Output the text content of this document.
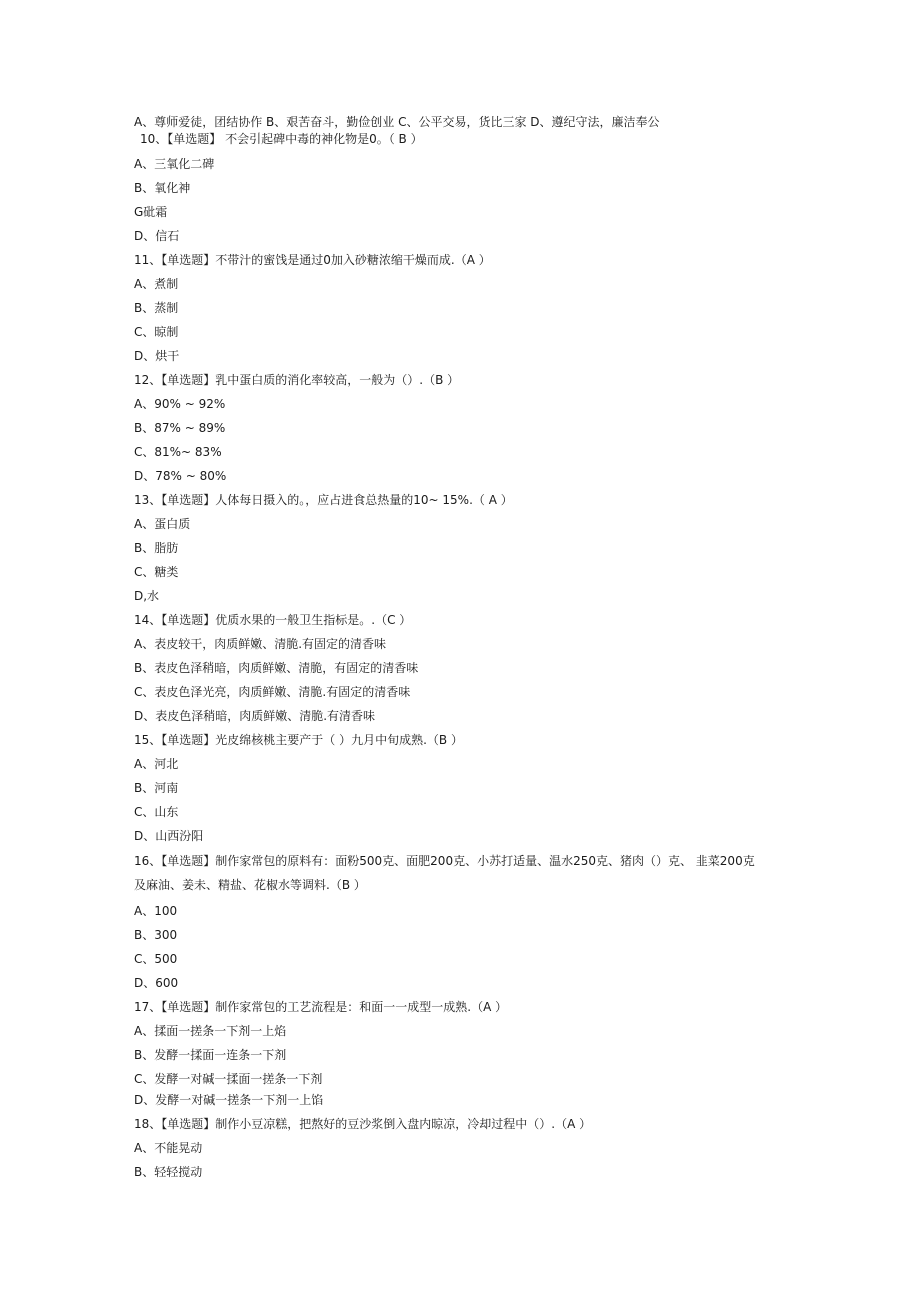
A、尊师爱徒，团结协作 B、艰苦奋斗，勤俭创业 C、公平交易，货比三家 D、遵纪守法，廉洁奉公
10、【单选题】 不会引起碑中毒的神化物是0。（ B ）
A、三氧化二碑
B、氧化神
G砒霜
D、信石
11、【单选题】不带汁的蜜饯是通过0加入砂糖浓缩干燥而成.（A ）
A、煮制
B、蒸制
C、晾制
D、烘干
12、【单选题】乳中蛋白质的消化率较高，一般为（）.（B ）
A、90% ~ 92%
B、87% ~ 89%
C、81%~ 83%
D、78% ~ 80%
13、【单选题】人体每日摄入的。，应占进食总热量的10~ 15%.（ A ）
A、蛋白质
B、脂肪
C、糖类
D,水
14、【单选题】优质水果的一般卫生指标是。.（C ）
A、表皮较干，肉质鲜嫩、清脆.有固定的清香味
B、表皮色泽稍暗，肉质鲜嫩、清脆，有固定的清香味
C、表皮色泽光亮，肉质鲜嫩、清脆.有固定的清香味
D、表皮色泽稍暗，肉质鲜嫩、清脆.有清香味
15、【单选题】光皮绵核桃主要产于（ ）九月中旬成熟.（B ）
A、河北
B、河南
C、山东
D、山西汾阳
16、【单选题】制作家常包的原料有：面粉500克、面肥200克、小苏打适量、温水250克、猪肉（）克、 韭菜200克
及麻油、姜未、精盐、花椒水等调料.（B ）
A、100
B、300
C、500
D、600
17、【单选题】制作家常包的工艺流程是：和面一一成型一成熟.（A ）
A、揉面一搓条一下剂一上焰
B、发酵一揉面一连条一下剂
C、发酵一对碱一揉面一搓条一下剂
D、发酵一对碱一搓条一下剂一上馅
18、【单选题】制作小豆凉糕，把熬好的豆沙浆倒入盘内晾凉，冷却过程中（）.（A ）
A、不能晃动
B、轻轻搅动
